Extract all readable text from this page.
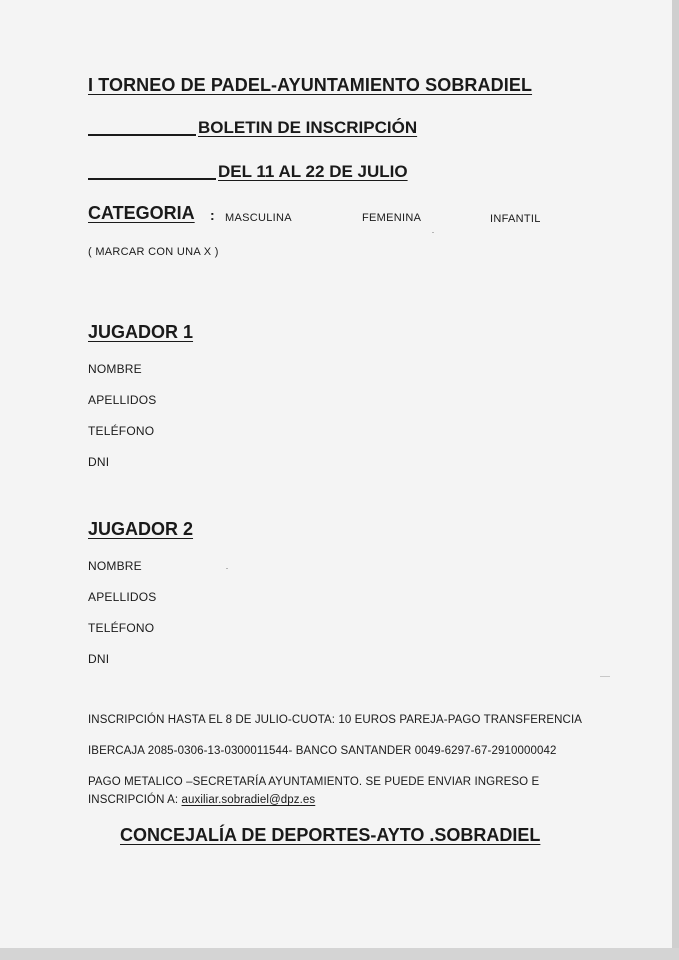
I TORNEO DE PADEL-AYUNTAMIENTO SOBRADIEL
BOLETIN DE INSCRIPCIÓN
DEL 11 AL 22 DE JULIO
CATEGORIA : MASCULINA	FEMENINA	INFANTIL
( MARCAR CON UNA X )
JUGADOR 1
NOMBRE
APELLIDOS
TELÉFONO
DNI
JUGADOR 2
NOMBRE
APELLIDOS
TELÉFONO
DNI
INSCRIPCIÓN HASTA EL 8 DE JULIO-CUOTA: 10 EUROS PAREJA-PAGO TRANSFERENCIA
IBERCAJA 2085-0306-13-0300011544- BANCO SANTANDER 0049-6297-67-2910000042
PAGO METALICO –SECRETARÍA AYUNTAMIENTO. SE PUEDE ENVIAR INGRESO E
INSCRIPCIÓN A: auxiliar.sobradiel@dpz.es
CONCEJALÍA DE DEPORTES-AYTO .SOBRADIEL
